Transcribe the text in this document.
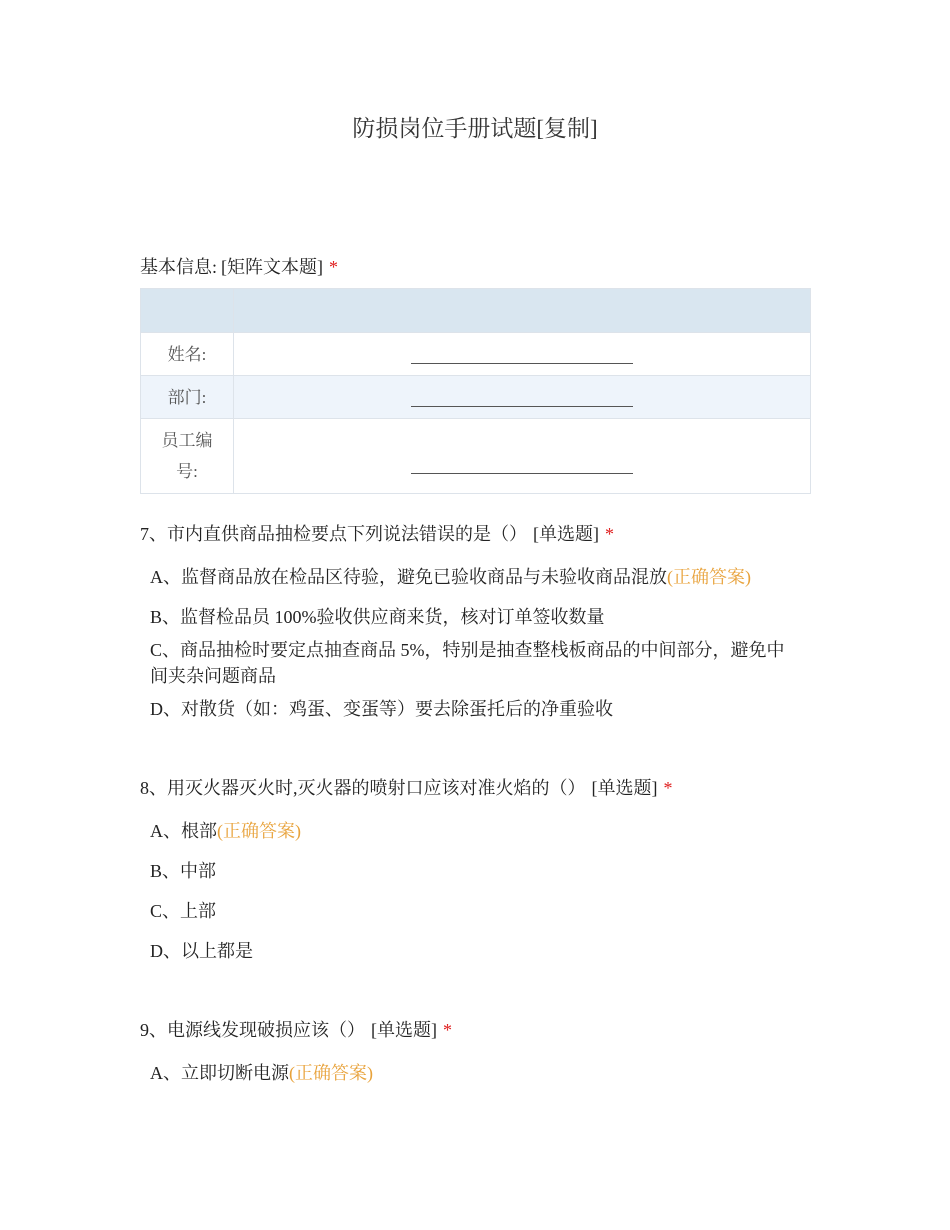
防损岗位手册试题[复制]
基本信息: [矩阵文本题] *

姓名:	
部门:	
员工编号:	
7、市内直供商品抽检要点下列说法错误的是（） [单选题] *
A、监督商品放在检品区待验，避免已验收商品与未验收商品混放(正确答案)
B、监督检品员 100%验收供应商来货，核对订单签收数量
C、商品抽检时要定点抽查商品 5%，特别是抽查整栈板商品的中间部分，避免中间夹杂问题商品
D、对散货（如：鸡蛋、变蛋等）要去除蛋托后的净重验收
8、用灭火器灭火时,灭火器的喷射口应该对准火焰的（） [单选题] *
A、根部(正确答案)
B、中部
C、上部
D、以上都是
9、电源线发现破损应该（） [单选题] *
A、立即切断电源(正确答案)
